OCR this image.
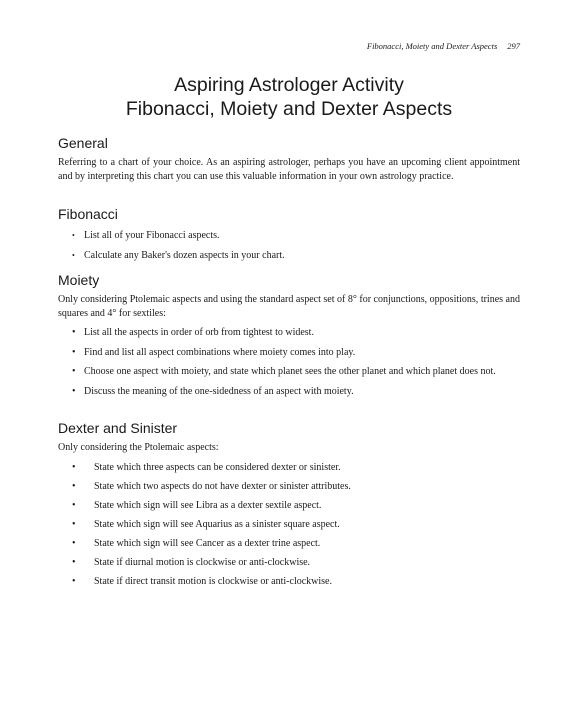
Fibonacci, Moiety and Dexter Aspects 297
Aspiring Astrologer Activity
Fibonacci, Moiety and Dexter Aspects
General

Referring to a chart of your choice. As an aspiring astrologer, perhaps you have an upcoming client appointment and by interpreting this chart you can use this valuable information in your own astrology practice.

Fibonacci
• List all of your Fibonacci aspects.
• Calculate any Baker's dozen aspects in your chart.
Moiety

Only considering Ptolemaic aspects and using the standard aspect set of 8° for conjunctions, oppositions, trines and squares and 4° for sextiles:

• List all the aspects in order of orb from tightest to widest.
• Find and list all aspect combinations where moiety comes into play.
• Choose one aspect with moiety, and state which planet sees the other planet and which planet does not.
• Discuss the meaning of the one-sidedness of an aspect with moiety.
Dexter and Sinister

Only considering the Ptolemaic aspects:

• State which three aspects can be considered dexter or sinister.
• State which two aspects do not have dexter or sinister attributes.
• State which sign will see Libra as a dexter sextile aspect.
• State which sign will see Aquarius as a sinister square aspect.
• State which sign will see Cancer as a dexter trine aspect.
• State if diurnal motion is clockwise or anti-clockwise.
• State if direct transit motion is clockwise or anti-clockwise.
